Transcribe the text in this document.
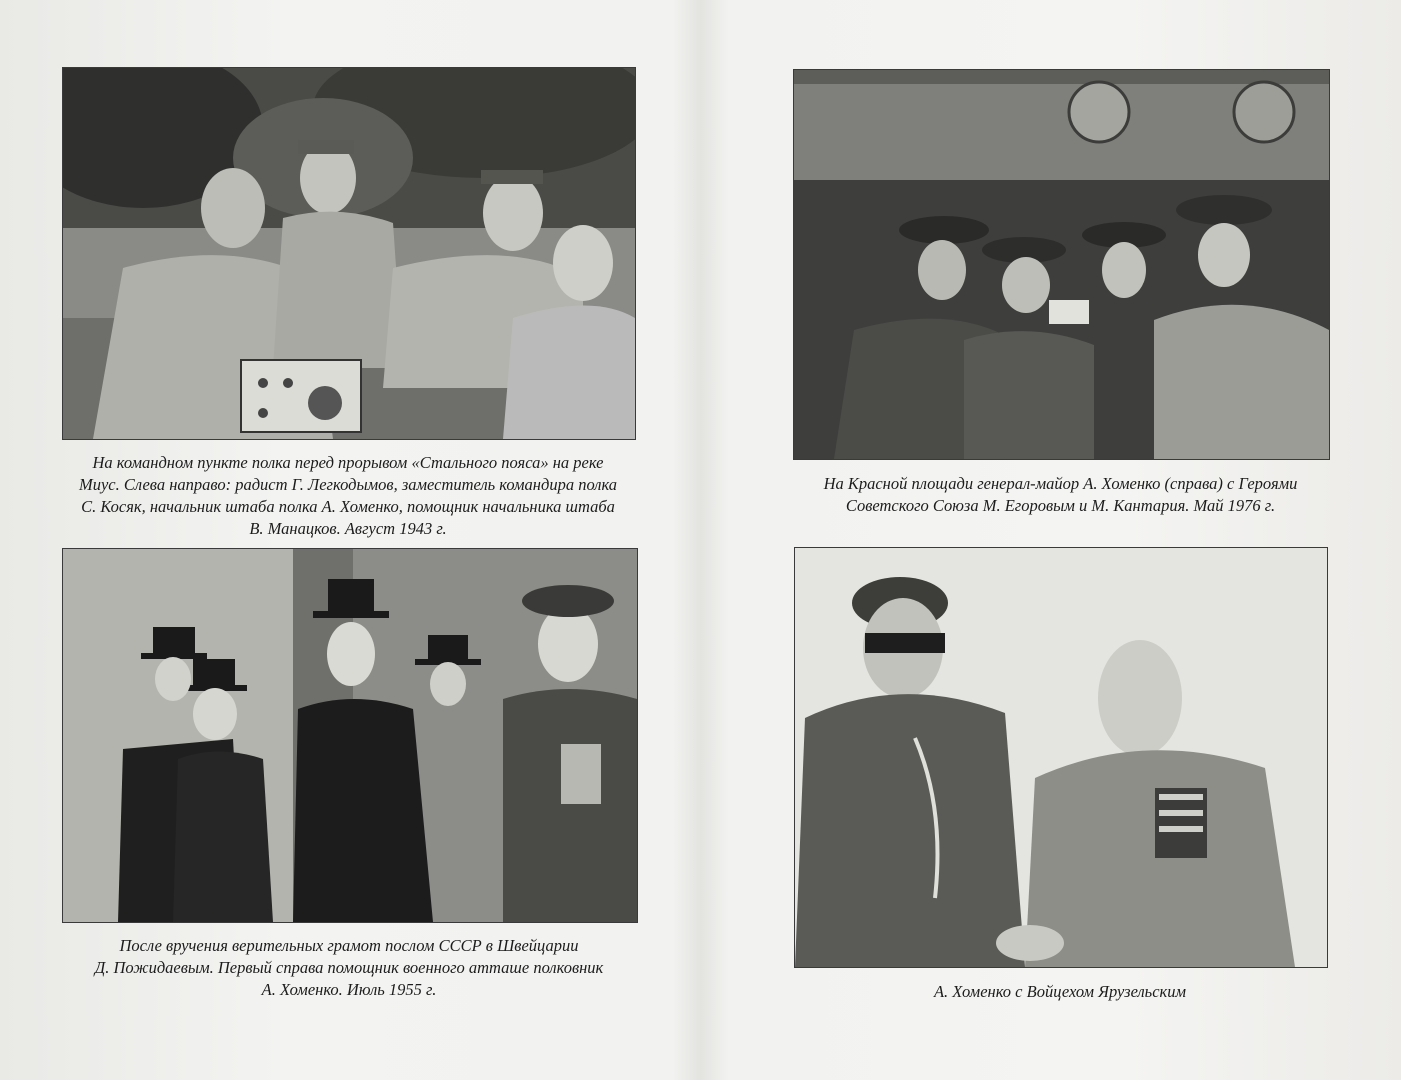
На командном пункте полка перед прорывом «Стального пояса» на реке
Миус. Слева направо: радист Г. Легкодымов, заместитель командира полка
С. Косяк, начальник штаба полка А. Хоменко, помощник начальника штаба
В. Манацков. Август 1943 г.
На Красной площади генерал-майор А. Хоменко (справа) с Героями
Советского Союза М. Егоровым и М. Кантария. Май 1976 г.
После вручения верительных грамот послом СССР в Швейцарии
Д. Пожидаевым. Первый справа помощник военного атташе полковник
А. Хоменко. Июль 1955 г.	А. Хоменко с Войцехом Ярузельским
